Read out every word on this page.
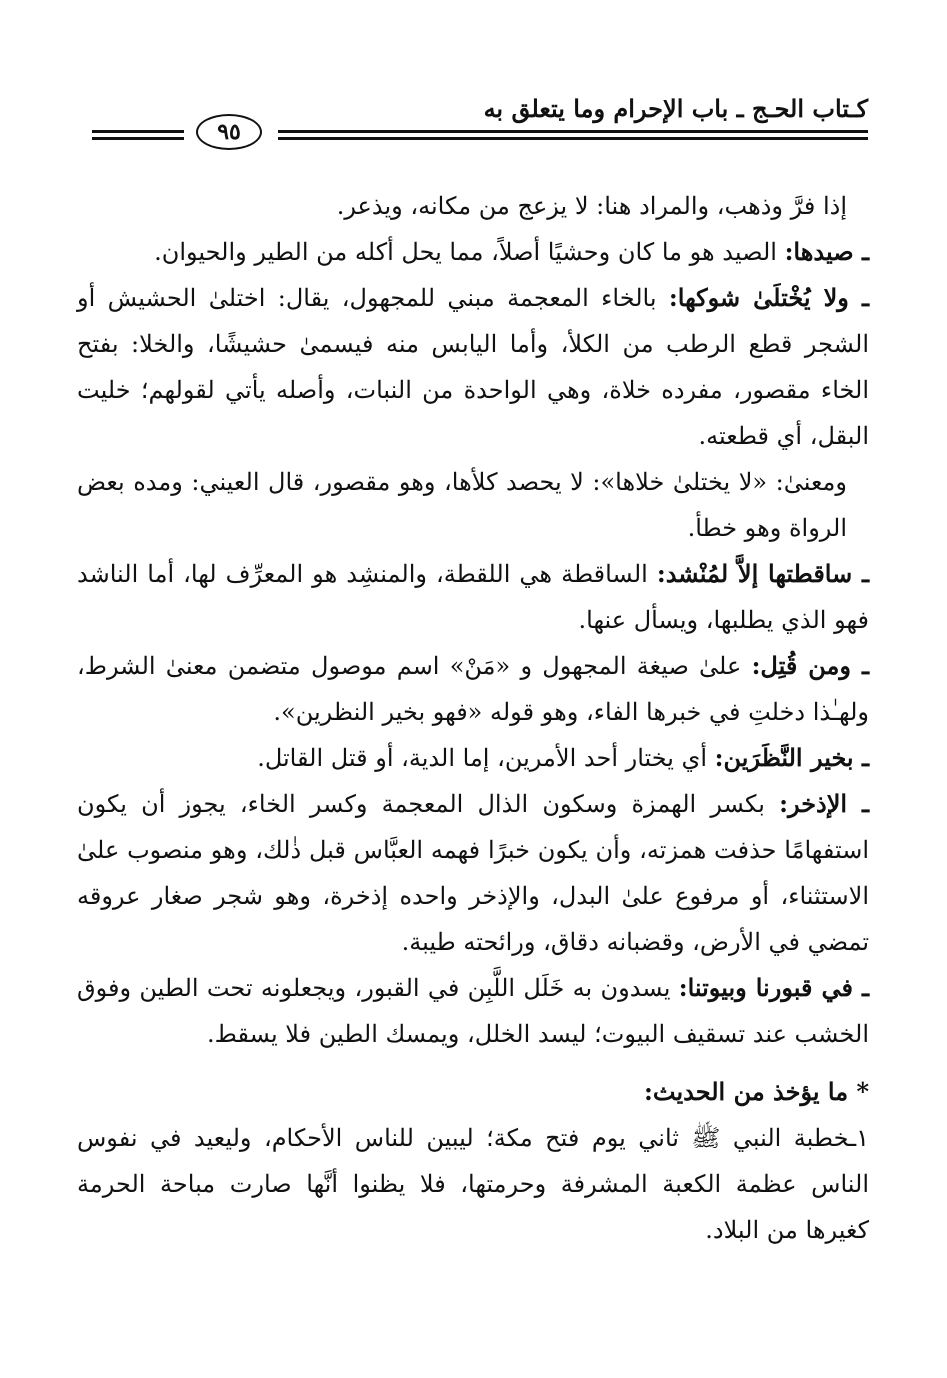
كـتاب الحـج ـ باب الإحرام وما يتعلق به
٩٥

إذا فرَّ وذهب، والمراد هنا: لا يزعج من مكانه، ويذعر.

ـ صيدها: الصيد هو ما كان وحشيًا أصلاً، مما يحل أكله من الطير والحيوان.

ـ ولا يُخْتلَىٰ شوكها: بالخاء المعجمة مبني للمجهول، يقال: اختلىٰ الحشيش أو الشجر قطع الرطب من الكلأ، وأما اليابس منه فيسمىٰ حشيشًا، والخلا: بفتح الخاء مقصور، مفرده خلاة، وهي الواحدة من النبات، وأصله يأتي لقولهم؛ خليت البقل، أي قطعته.

ومعنىٰ: «لا يختلىٰ خلاها»: لا يحصد كلأها، وهو مقصور، قال العيني: ومده بعض الرواة وهو خطأ.

ـ ساقطتها إلاَّ لمُنْشد: الساقطة هي اللقطة، والمنشِد هو المعرِّف لها، أما الناشد فهو الذي يطلبها، ويسأل عنها.

ـ ومن قُتِل: علىٰ صيغة المجهول و «مَنْ» اسم موصول متضمن معنىٰ الشرط، ولهـٰذا دخلتِ في خبرها الفاء، وهو قوله «فهو بخير النظرين».

ـ بخير النَّظَرَين: أي يختار أحد الأمرين، إما الدية، أو قتل القاتل.

ـ الإذخر: بكسر الهمزة وسكون الذال المعجمة وكسر الخاء، يجوز أن يكون استفهامًا حذفت همزته، وأن يكون خبرًا فهمه العبَّاس قبل ذٰلك، وهو منصوب علىٰ الاستثناء، أو مرفوع علىٰ البدل، والإذخر واحده إذخرة، وهو شجر صغار عروقه تمضي في الأرض، وقضبانه دقاق، ورائحته طيبة.

ـ في قبورنا وبيوتنا: يسدون به خَلَل اللَّبِن في القبور، ويجعلونه تحت الطين وفوق الخشب عند تسقيف البيوت؛ ليسد الخلل، ويمسك الطين فلا يسقط.

* ما يؤخذ من الحديث:

١ـخطبة النبي ﷺ ثاني يوم فتح مكة؛ ليبين للناس الأحكام، وليعيد في نفوس الناس عظمة الكعبة المشرفة وحرمتها، فلا يظنوا أنَّها صارت مباحة الحرمة كغيرها من البلاد.
